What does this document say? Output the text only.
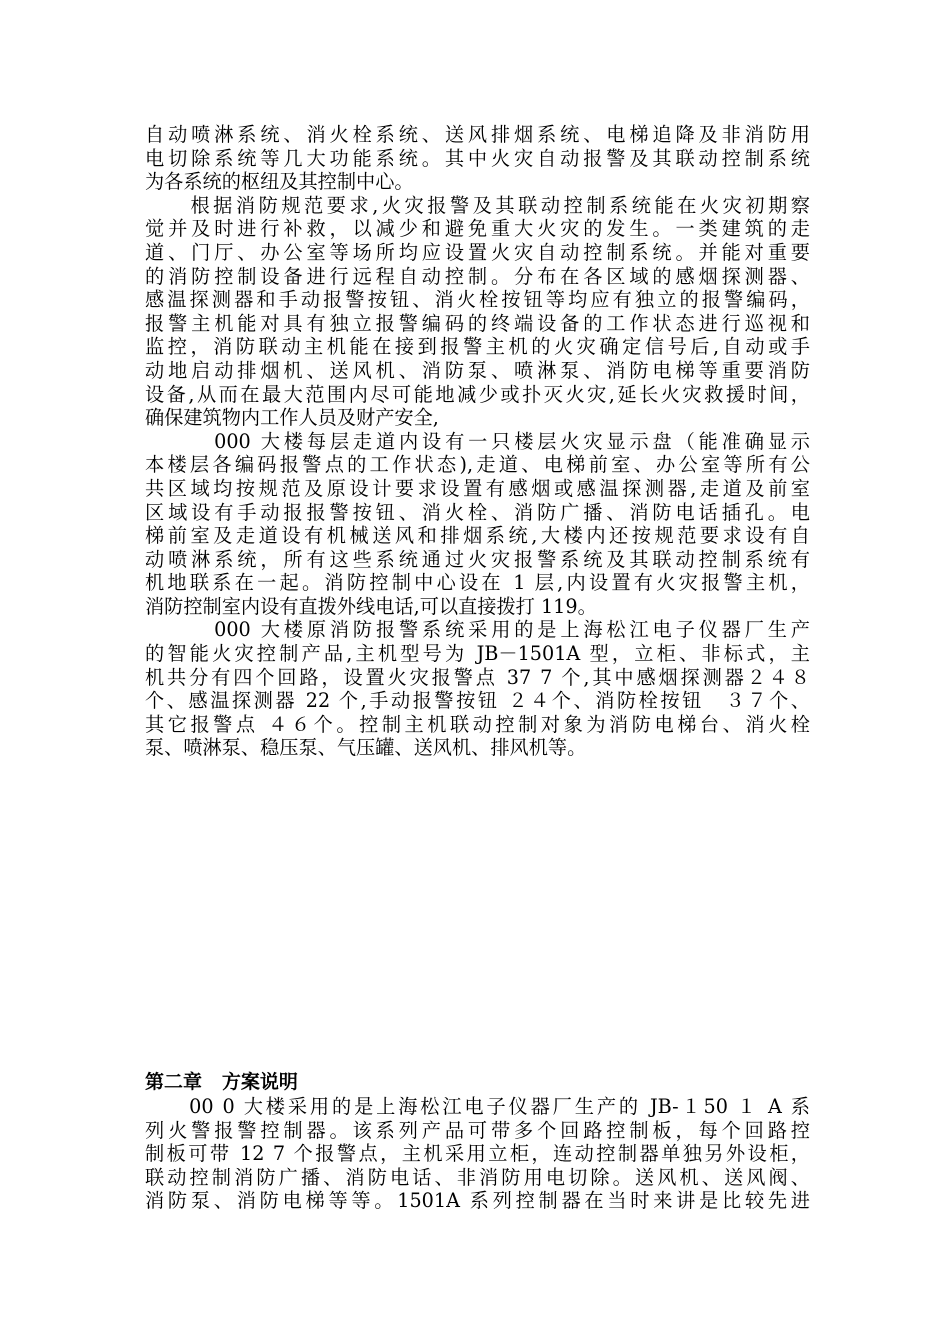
自动喷淋系统、消火栓系统、送风排烟系统、电梯追降及非消防用
电切除系统等几大功能系统。其中火灾自动报警及其联动控制系统
为各系统的枢纽及其控制中心。
　　根据消防规范要求,火灾报警及其联动控制系统能在火灾初期察
觉并及时进行补救，以减少和避免重大火灾的发生。一类建筑的走
道、门厅、办公室等场所均应设置火灾自动控制系统。并能对重要
的消防控制设备进行远程自动控制。分布在各区域的感烟探测器、
感温探测器和手动报警按钮、消火栓按钮等均应有独立的报警编码，
报警主机能对具有独立报警编码的终端设备的工作状态进行巡视和
监控，消防联动主机能在接到报警主机的火灾确定信号后,自动或手
动地启动排烟机、送风机、消防泵、喷淋泵、消防电梯等重要消防
设备,从而在最大范围内尽可能地减少或扑灭火灾,延长火灾救援时间，
确保建筑物内工作人员及财产安全,
　　　000 大楼每层走道内设有一只楼层火灾显示盘（能准确显示
本楼层各编码报警点的工作状态),走道、电梯前室、办公室等所有公
共区域均按规范及原设计要求设置有感烟或感温探测器,走道及前室
区域设有手动报报警按钮、消火栓、消防广播、消防电话插孔。电
梯前室及走道设有机械送风和排烟系统,大楼内还按规范要求设有自
动喷淋系统，所有这些系统通过火灾报警系统及其联动控制系统有
机地联系在一起。消防控制中心设在 1 层,内设置有火灾报警主机，
消防控制室内设有直拨外线电话,可以直接拨打 119。
　　　000 大楼原消防报警系统采用的是上海松江电子仪器厂生产
的智能火灾控制产品,主机型号为 JB－1501A 型，立柜、非标式，主
机共分有四个回路，设置火灾报警点 37 7 个,其中感烟探测器２４８
个、感温探测器 22 个,手动报警按钮 ２４个、消防栓按钮　３７个、
其它报警点 ４６个。控制主机联动控制对象为消防电梯台、消火栓
泵、喷淋泵、稳压泵、气压罐、送风机、排风机等。
第二章   方案说明
　　00 0 大楼采用的是上海松江电子仪器厂生产的 JB-１50 １ A 系
列火警报警控制器。该系列产品可带多个回路控制板，每个回路控
制板可带 12 7 个报警点，主机采用立柜，连动控制器单独另外设柜，
联动控制消防广播、消防电话、非消防用电切除。送风机、送风阀、
消防泵、消防电梯等等。1501A 系列控制器在当时来讲是比较先进
